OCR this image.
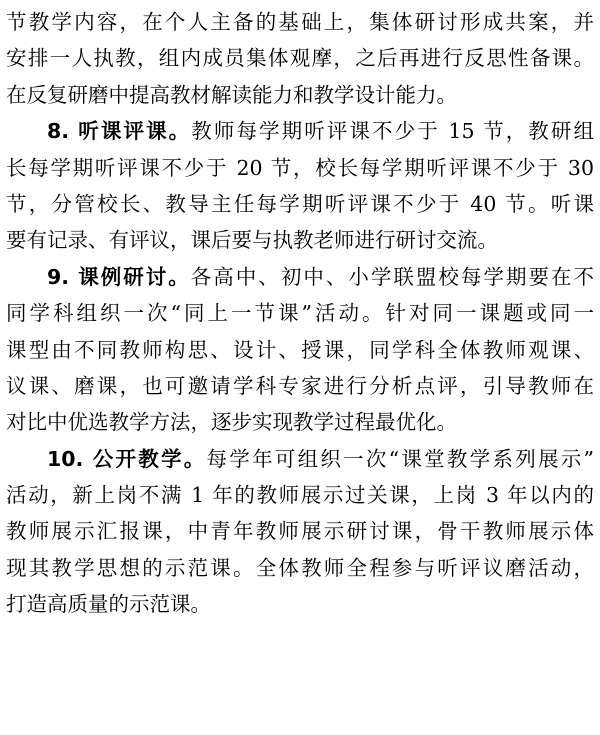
节教学内容，在个人主备的基础上，集体研讨形成共案，并
安排一人执教，组内成员集体观摩，之后再进行反思性备课。
在反复研磨中提高教材解读能力和教学设计能力。
8. 听课评课。教师每学期听评课不少于 15 节，教研组
长每学期听评课不少于 20 节，校长每学期听评课不少于 30
节，分管校长、教导主任每学期听评课不少于 40 节。听课
要有记录、有评议，课后要与执教老师进行研讨交流。
9. 课例研讨。各高中、初中、小学联盟校每学期要在不
同学科组织一次“同上一节课”活动。针对同一课题或同一
课型由不同教师构思、设计、授课，同学科全体教师观课、
议课、磨课，也可邀请学科专家进行分析点评，引导教师在
对比中优选教学方法，逐步实现教学过程最优化。
10. 公开教学。每学年可组织一次“课堂教学系列展示”
活动，新上岗不满 1 年的教师展示过关课，上岗 3 年以内的
教师展示汇报课，中青年教师展示研讨课，骨干教师展示体
现其教学思想的示范课。全体教师全程参与听评议磨活动，
打造高质量的示范课。
